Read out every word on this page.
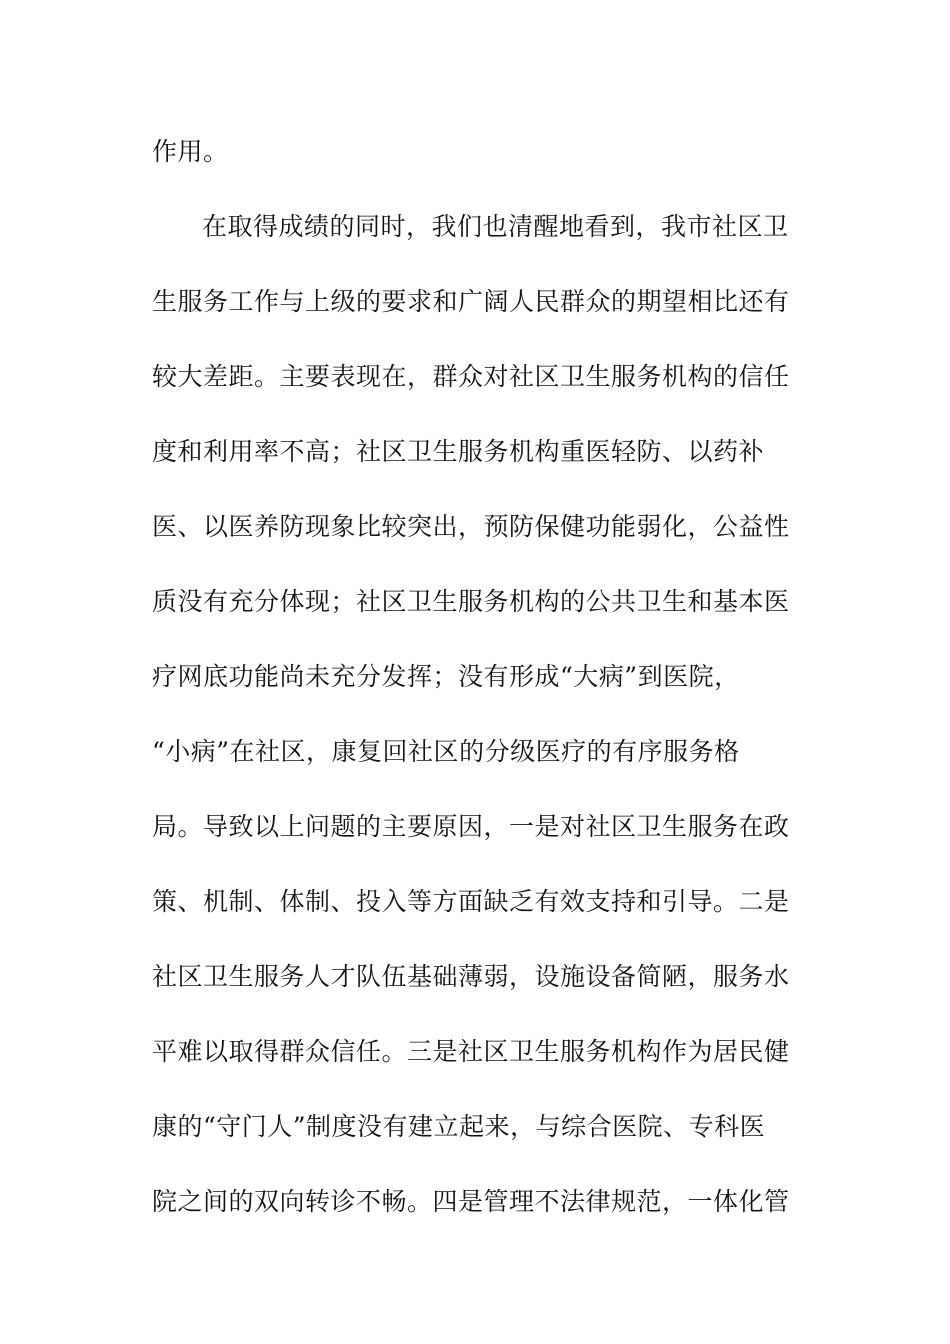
作用。

在取得成绩的同时，我们也清醒地看到，我市社区卫

生服务工作与上级的要求和广阔人民群众的期望相比还有

较大差距。主要表现在，群众对社区卫生服务机构的信任

度和利用率不高；社区卫生服务机构重医轻防、以药补

医、以医养防现象比较突出，预防保健功能弱化，公益性

质没有充分体现；社区卫生服务机构的公共卫生和基本医

疗网底功能尚未充分发挥；没有形成“大病”到医院，

“小病”在社区，康复回社区的分级医疗的有序服务格

局。导致以上问题的主要原因，一是对社区卫生服务在政

策、机制、体制、投入等方面缺乏有效支持和引导。二是

社区卫生服务人才队伍基础薄弱，设施设备简陋，服务水

平难以取得群众信任。三是社区卫生服务机构作为居民健

康的“守门人”制度没有建立起来，与综合医院、专科医

院之间的双向转诊不畅。四是管理不法律规范，一体化管
